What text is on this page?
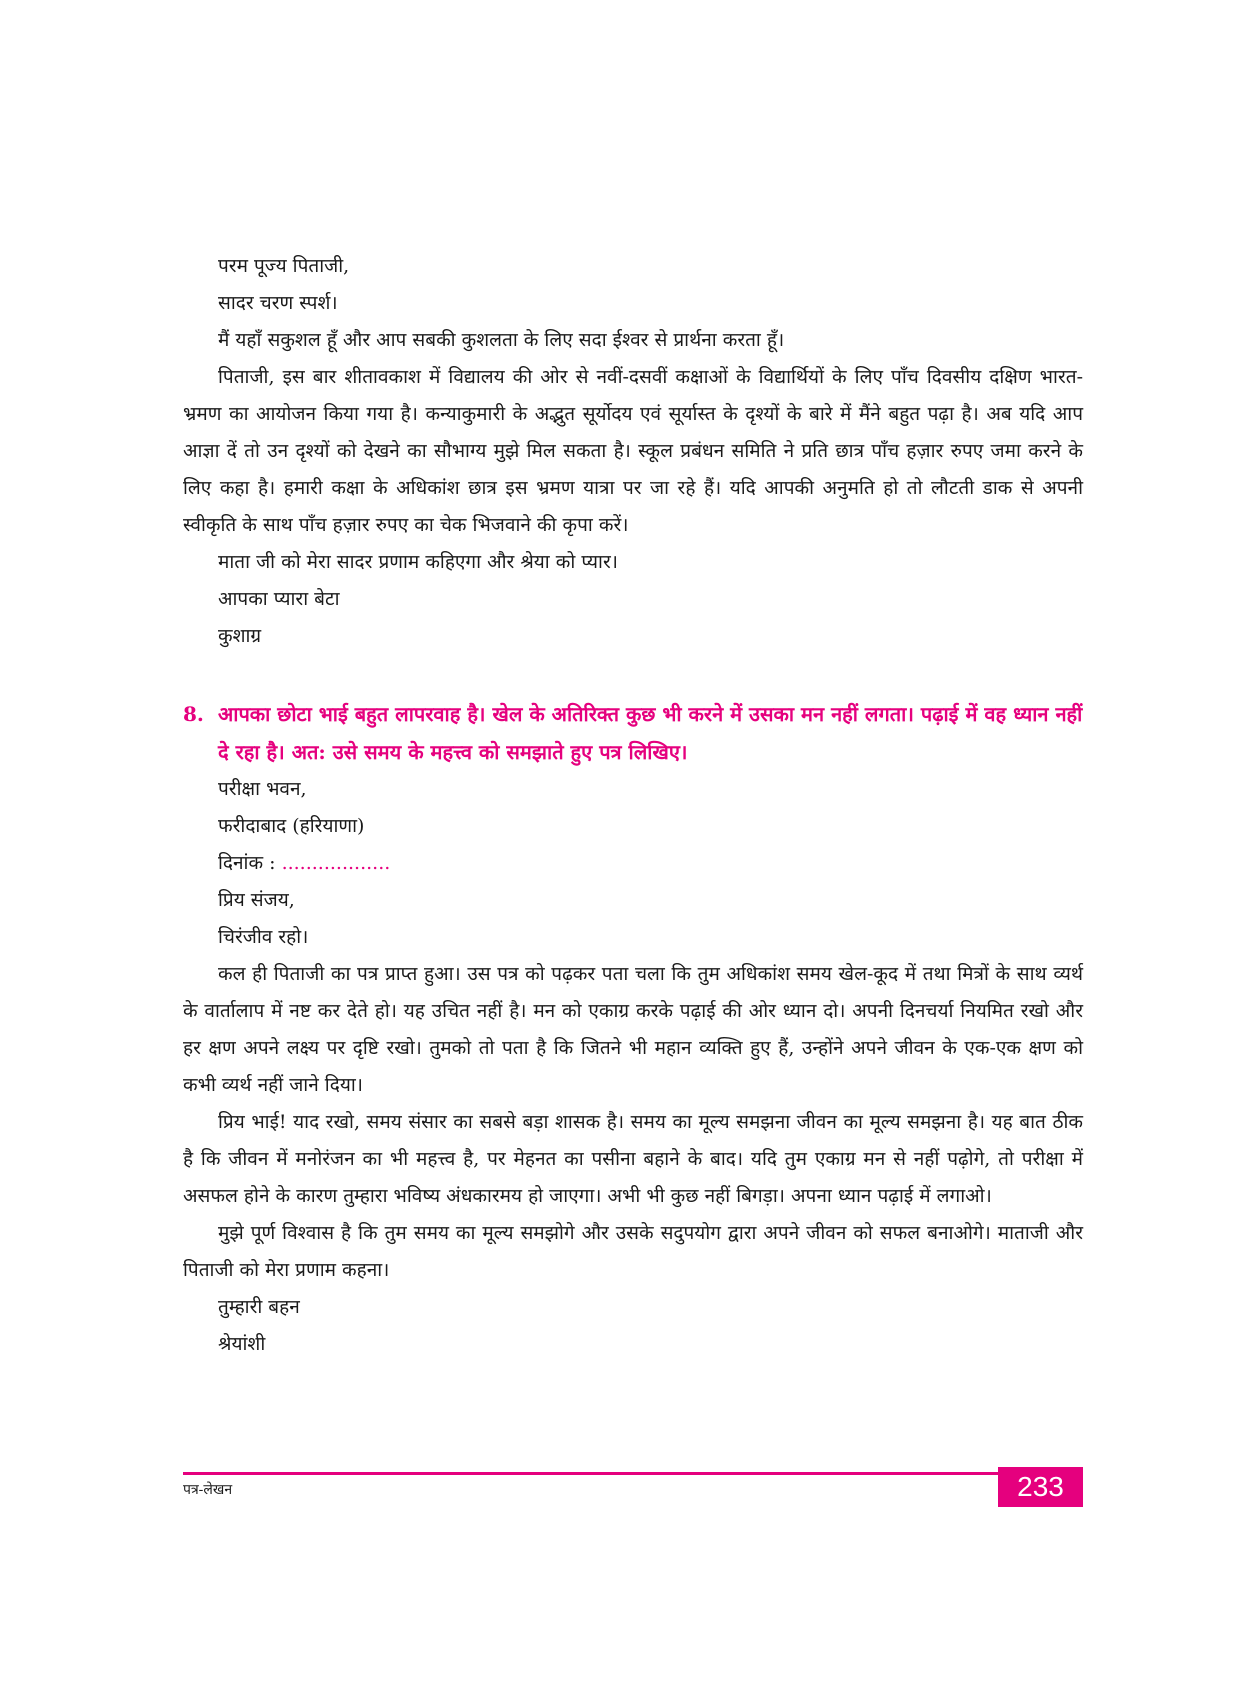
परम पूज्य पिताजी,

सादर चरण स्पर्श।

मैं यहाँ सकुशल हूँ और आप सबकी कुशलता के लिए सदा ईश्वर से प्रार्थना करता हूँ।

पिताजी, इस बार शीतावकाश में विद्यालय की ओर से नवीं-दसवीं कक्षाओं के विद्यार्थियों के लिए पाँच दिवसीय दक्षिण भारत-भ्रमण का आयोजन किया गया है। कन्याकुमारी के अद्भुत सूर्योदय एवं सूर्यास्त के दृश्यों के बारे में मैंने बहुत पढ़ा है। अब यदि आप आज्ञा दें तो उन दृश्यों को देखने का सौभाग्य मुझे मिल सकता है। स्कूल प्रबंधन समिति ने प्रति छात्र पाँच हज़ार रुपए जमा करने के लिए कहा है। हमारी कक्षा के अधिकांश छात्र इस भ्रमण यात्रा पर जा रहे हैं। यदि आपकी अनुमति हो तो लौटती डाक से अपनी स्वीकृति के साथ पाँच हज़ार रुपए का चेक भिजवाने की कृपा करें।

माता जी को मेरा सादर प्रणाम कहिएगा और श्रेया को प्यार।

आपका प्यारा बेटा

कुशाग्र

8. आपका छोटा भाई बहुत लापरवाह है। खेल के अतिरिक्त कुछ भी करने में उसका मन नहीं लगता। पढ़ाई में वह ध्यान नहीं दे रहा है। अत: उसे समय के महत्त्व को समझाते हुए पत्र लिखिए।

परीक्षा भवन,

फरीदाबाद (हरियाणा)

दिनांक : ..................

प्रिय संजय,

चिरंजीव रहो।

कल ही पिताजी का पत्र प्राप्त हुआ। उस पत्र को पढ़कर पता चला कि तुम अधिकांश समय खेल-कूद में तथा मित्रों के साथ व्यर्थ के वार्तालाप में नष्ट कर देते हो। यह उचित नहीं है। मन को एकाग्र करके पढ़ाई की ओर ध्यान दो। अपनी दिनचर्या नियमित रखो और हर क्षण अपने लक्ष्य पर दृष्टि रखो। तुमको तो पता है कि जितने भी महान व्यक्ति हुए हैं, उन्होंने अपने जीवन के एक-एक क्षण को कभी व्यर्थ नहीं जाने दिया।

प्रिय भाई! याद रखो, समय संसार का सबसे बड़ा शासक है। समय का मूल्य समझना जीवन का मूल्य समझना है। यह बात ठीक है कि जीवन में मनोरंजन का भी महत्त्व है, पर मेहनत का पसीना बहाने के बाद। यदि तुम एकाग्र मन से नहीं पढ़ोगे, तो परीक्षा में असफल होने के कारण तुम्हारा भविष्य अंधकारमय हो जाएगा। अभी भी कुछ नहीं बिगड़ा। अपना ध्यान पढ़ाई में लगाओ।

मुझे पूर्ण विश्वास है कि तुम समय का मूल्य समझोगे और उसके सदुपयोग द्वारा अपने जीवन को सफल बनाओगे। माताजी और पिताजी को मेरा प्रणाम कहना।

तुम्हारी बहन

श्रेयांशी

पत्र-लेखन	233
